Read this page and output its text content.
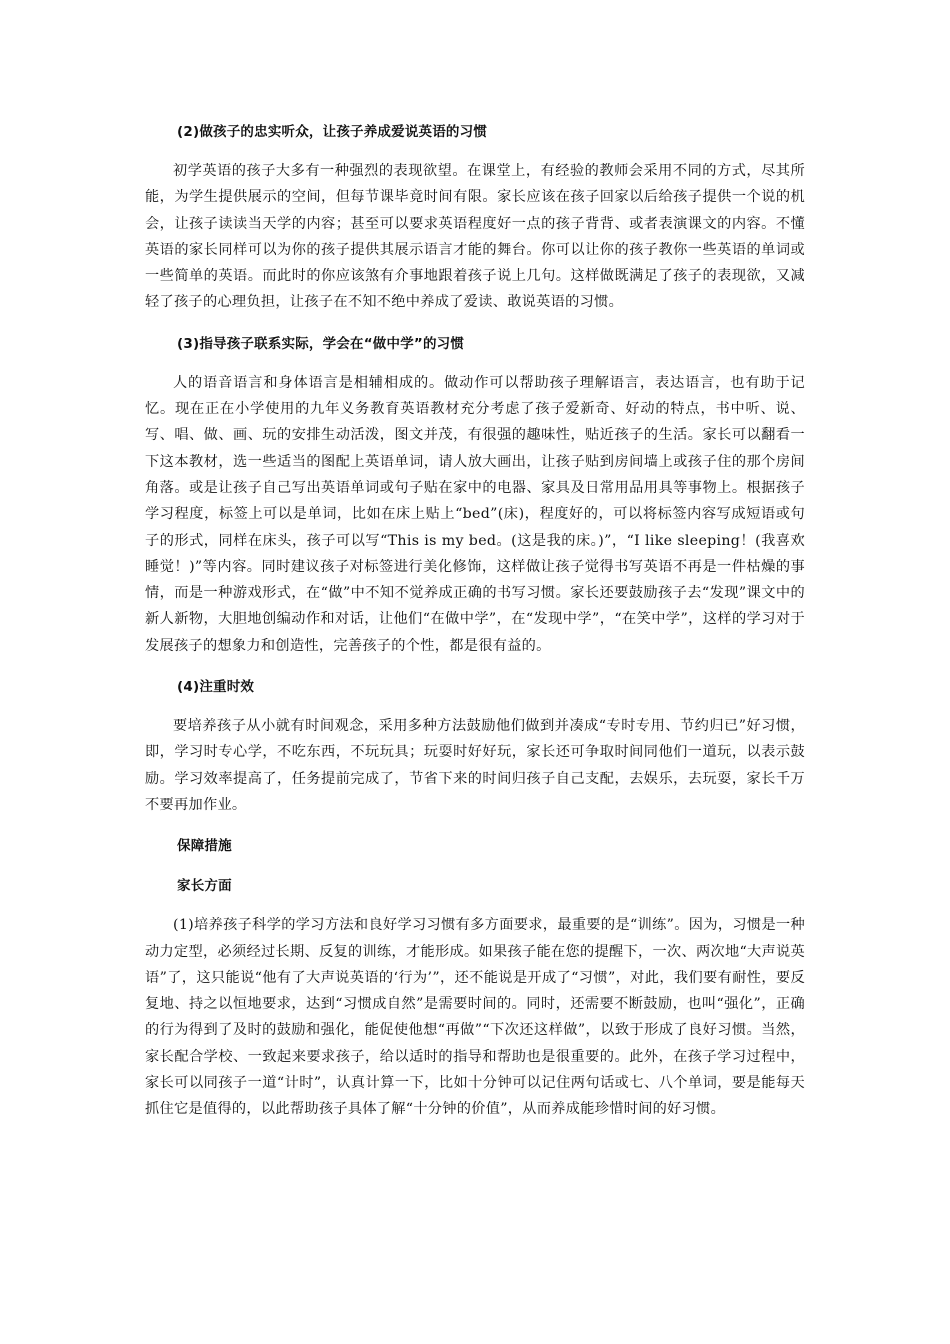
(2)做孩子的忠实听众，让孩子养成爱说英语的习惯

初学英语的孩子大多有一种强烈的表现欲望。在课堂上，有经验的教师会采用不同的方式，尽其所能，为学生提供展示的空间，但每节课毕竟时间有限。家长应该在孩子回家以后给孩子提供一个说的机会，让孩子读读当天学的内容；甚至可以要求英语程度好一点的孩子背背、或者表演课文的内容。不懂英语的家长同样可以为你的孩子提供其展示语言才能的舞台。你可以让你的孩子教你一些英语的单词或一些简单的英语。而此时的你应该煞有介事地跟着孩子说上几句。这样做既满足了孩子的表现欲，又减轻了孩子的心理负担，让孩子在不知不绝中养成了爱读、敢说英语的习惯。

(3)指导孩子联系实际，学会在“做中学”的习惯

人的语音语言和身体语言是相辅相成的。做动作可以帮助孩子理解语言，表达语言，也有助于记忆。现在正在小学使用的九年义务教育英语教材充分考虑了孩子爱新奇、好动的特点，书中听、说、写、唱、做、画、玩的安排生动活泼，图文并茂，有很强的趣味性，贴近孩子的生活。家长可以翻看一下这本教材，选一些适当的图配上英语单词，请人放大画出，让孩子贴到房间墙上或孩子住的那个房间角落。或是让孩子自己写出英语单词或句子贴在家中的电器、家具及日常用品用具等事物上。根据孩子学习程度，标签上可以是单词，比如在床上贴上“bed”(床)，程度好的，可以将标签内容写成短语或句子的形式，同样在床头，孩子可以写“This is my bed。(这是我的床。)”，“I like sleeping！(我喜欢睡觉！)”等内容。同时建议孩子对标签进行美化修饰，这样做让孩子觉得书写英语不再是一件枯燥的事情，而是一种游戏形式，在“做”中不知不觉养成正确的书写习惯。家长还要鼓励孩子去“发现”课文中的新人新物，大胆地创编动作和对话，让他们“在做中学”，在“发现中学”，“在笑中学”，这样的学习对于发展孩子的想象力和创造性，完善孩子的个性，都是很有益的。

(4)注重时效

要培养孩子从小就有时间观念，采用多种方法鼓励他们做到并凑成“专时专用、节约归已”好习惯，即，学习时专心学，不吃东西，不玩玩具；玩耍时好好玩，家长还可争取时间同他们一道玩，以表示鼓励。学习效率提高了，任务提前完成了，节省下来的时间归孩子自己支配，去娱乐，去玩耍，家长千万不要再加作业。

保障措施
家长方面

(1)培养孩子科学的学习方法和良好学习习惯有多方面要求，最重要的是“训练”。因为，习惯是一种动力定型，必须经过长期、反复的训练，才能形成。如果孩子能在您的提醒下，一次、两次地“大声说英语”了，这只能说“他有了大声说英语的‘行为’”，还不能说是开成了“习惯”，对此，我们要有耐性，要反复地、持之以恒地要求，达到“习惯成自然”是需要时间的。同时，还需要不断鼓励，也叫“强化”，正确的行为得到了及时的鼓励和强化，能促使他想“再做”“下次还这样做”，以致于形成了良好习惯。当然，家长配合学校、一致起来要求孩子，给以适时的指导和帮助也是很重要的。此外，在孩子学习过程中，家长可以同孩子一道“计时”，认真计算一下，比如十分钟可以记住两句话或七、八个单词，要是能每天抓住它是值得的，以此帮助孩子具体了解“十分钟的价值”，从而养成能珍惜时间的好习惯。
